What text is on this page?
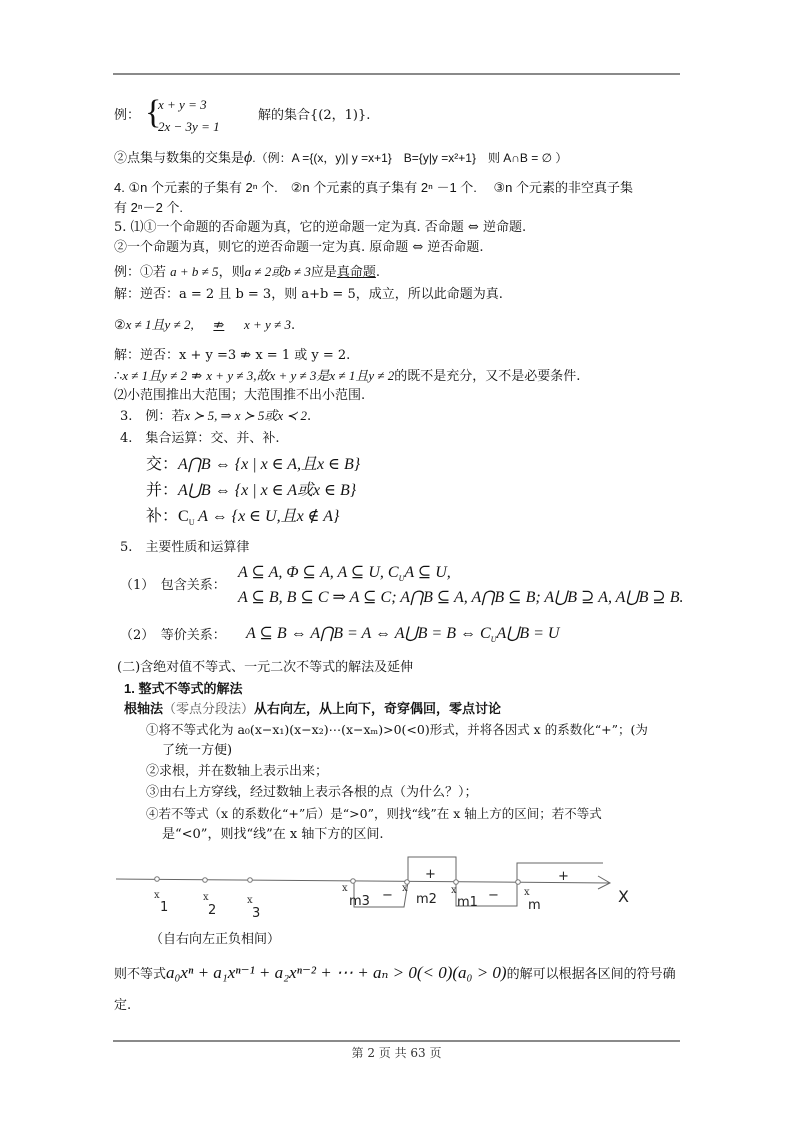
例： {
x + y = 3
2x − 3y = 1
解的集合{(2，1)}.
②点集与数集的交集是ϕ.（例：A ={(x，y)| y =x+1}　B={y|y =x²+1}　则 A∩B = ∅ ）
4. ①n 个元素的子集有 2ⁿ 个.　②n 个元素的真子集有 2ⁿ －1 个.　 ③n 个元素的非空真子集
有 2ⁿ－2 个.
5. ⑴①一个命题的否命题为真，它的逆命题一定为真. 否命题 ⇔ 逆命题.
②一个命题为真，则它的逆否命题一定为真. 原命题 ⇔ 逆否命题.
例：①若 a + b ≠ 5，则a ≠ 2或b ≠ 3应是真命题.
解：逆否：a = 2 且 b = 3，则 a+b = 5，成立，所以此命题为真.
②x ≠ 1且y ≠ 2, ⇏ x + y ≠ 3.
解：逆否：x + y =3 ⇏ x = 1 或 y = 2.
∴x ≠ 1且y ≠ 2 ⇏ x + y ≠ 3,故x + y ≠ 3是x ≠ 1且y ≠ 2的既不是充分，又不是必要条件.
⑵小范围推出大范围；大范围推不出小范围.
3.　例：若x ≻ 5, ⇒ x ≻ 5或x ≺ 2.
4.　集合运算：交、并、补.
交：A⋂B ⇔ {x | x ∈ A,且x ∈ B}
并：A⋃B ⇔ {x | x ∈ A或x ∈ B}
补：$C_U$ A ⇔ {x ∈ U,且x ∉ A}
5.　主要性质和运算律
（1）　包含关系：
A ⊆ A, Φ ⊆ A, A ⊆ U, $C_UA$ ⊆ U,
A ⊆ B, B ⊆ C ⇒ A ⊆ C; A⋂B ⊆ A, A⋂B ⊆ B; A⋃B ⊇ A, A⋃B ⊇ B.
（2）　等价关系： A ⊆ B ⇔ A⋂B = A ⇔ A⋃B = B ⇔ $C_UA⋃B = U$
(二)含绝对值不等式、一元二次不等式的解法及延伸
1. 整式不等式的解法
根轴法（零点分段法）从右向左，从上向下，奇穿偶回，零点讨论
①将不等式化为 a₀(x−x₁)(x−x₂)⋯(x−xₘ)>0(<0)形式，并将各因式 x 的系数化“+”；(为
了统一方便)
②求根，并在数轴上表示出来；
③由右上方穿线，经过数轴上表示各根的点（为什么？）；
④若不等式（x 的系数化“+”后）是“>0”，则找“线”在 x 轴上方的区间；若不等式
是“<0”，则找“线”在 x 轴下方的区间.
x	x	x
x	x	x	x
1	2	3
m3	m2 m1	m
−
+
−
+
X
（自右向左正负相间）
则不等式a₀xⁿ + a₁xⁿ⁻¹ + a₂xⁿ⁻² + ⋯ + aₙ > 0(< 0)(a₀ > 0)的解可以根据各区间的符号确
定.
第 2 页 共 63 页
